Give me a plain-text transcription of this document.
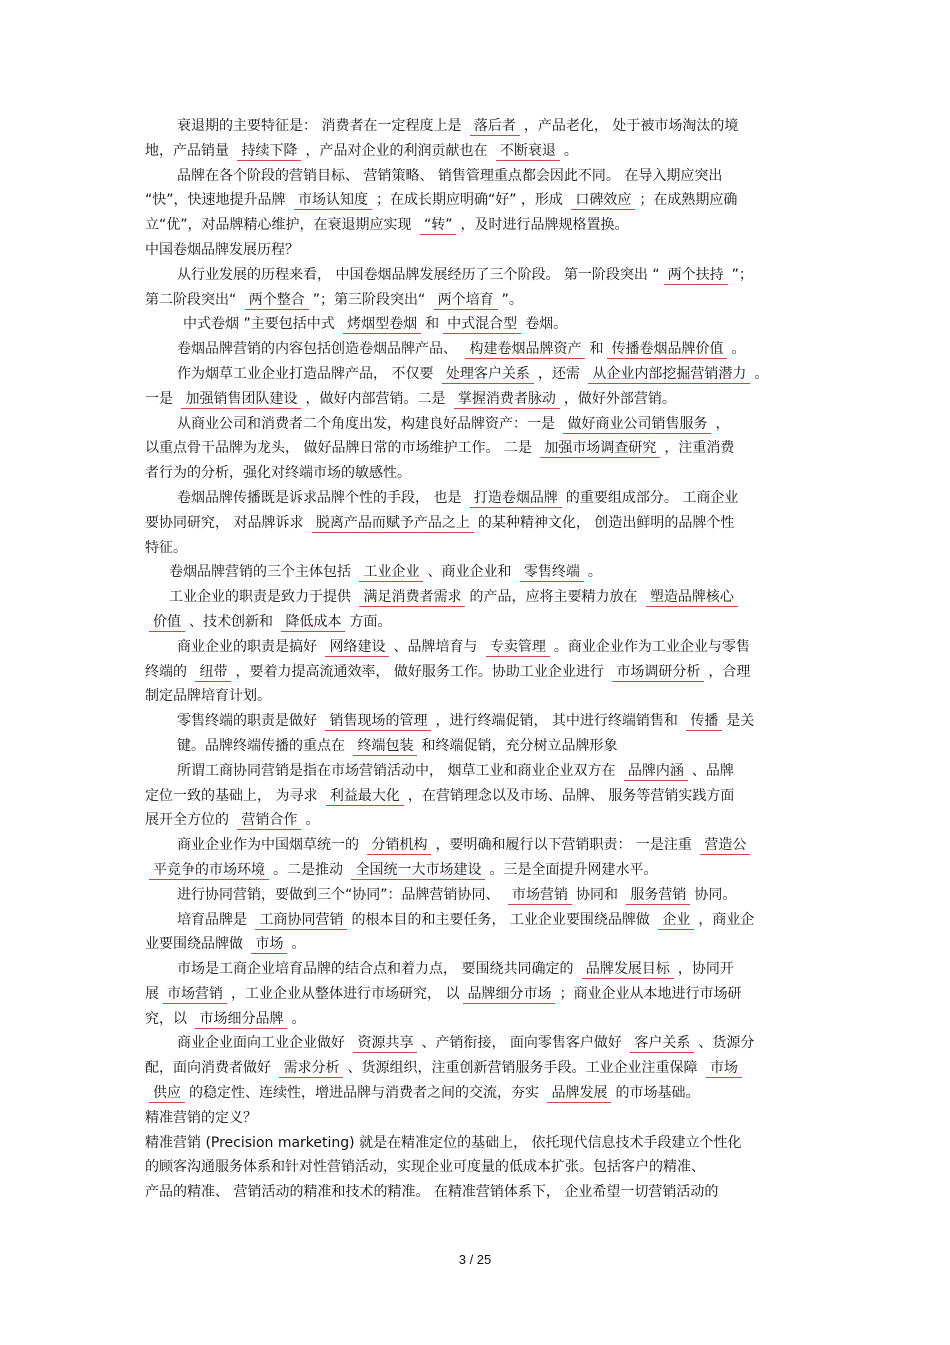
衰退期的主要特征是： 消费者在一定程度上是 落后者 ，产品老化， 处于被市场淘汰的境
地，产品销量 持续下降 ，产品对企业的利润贡献也在 不断衰退 。
品牌在各个阶段的营销目标、 营销策略、 销售管理重点都会因此不同。 在导入期应突出
“快”，快速地提升品牌 市场认知度 ；在成长期应明确“好” ，形成 口碑效应 ；在成熟期应确
立“优”，对品牌精心维护，在衰退期应实现 “转” ，及时进行品牌规格置换。
中国卷烟品牌发展历程？
从行业发展的历程来看， 中国卷烟品牌发展经历了三个阶段。 第一阶段突出 “ 两个扶持 ”；
第二阶段突出“ 两个整合 ”；第三阶段突出“ 两个培育 ”。
中式卷烟 ”主要包括中式 烤烟型卷烟 和 中式混合型 卷烟。
卷烟品牌营销的内容包括创造卷烟品牌产品、 构建卷烟品牌资产 和 传播卷烟品牌价值 。
作为烟草工业企业打造品牌产品， 不仅要 处理客户关系 ，还需 从企业内部挖掘营销潜力 。
一是 加强销售团队建设 ，做好内部营销。二是 掌握消费者脉动 ，做好外部营销。
从商业公司和消费者二个角度出发，构建良好品牌资产：一是 做好商业公司销售服务 ，
以重点骨干品牌为龙头， 做好品牌日常的市场维护工作。 二是 加强市场调查研究 ，注重消费
者行为的分析，强化对终端市场的敏感性。
卷烟品牌传播既是诉求品牌个性的手段， 也是 打造卷烟品牌 的重要组成部分。 工商企业
要协同研究， 对品牌诉求 脱离产品而赋予产品之上 的某种精神文化， 创造出鲜明的品牌个性
特征。
卷烟品牌营销的三个主体包括 工业企业 、商业企业和 零售终端 。
工业企业的职责是致力于提供 满足消费者需求 的产品，应将主要精力放在 塑造品牌核心
价值 、技术创新和 降低成本 方面。
商业企业的职责是搞好 网络建设 、品牌培育与 专卖管理 。商业企业作为工业企业与零售
终端的 纽带 ，要着力提高流通效率， 做好服务工作。协助工业企业进行 市场调研分析 ，合理
制定品牌培育计划。
零售终端的职责是做好 销售现场的管理 ，进行终端促销， 其中进行终端销售和 传播 是关
键。品牌终端传播的重点在 终端包装 和终端促销，充分树立品牌形象
所谓工商协同营销是指在市场营销活动中， 烟草工业和商业企业双方在 品牌内涵 、品牌
定位一致的基础上， 为寻求 利益最大化 ，在营销理念以及市场、品牌、 服务等营销实践方面
展开全方位的 营销合作 。
商业企业作为中国烟草统一的 分销机构 ，要明确和履行以下营销职责： 一是注重 营造公
平竞争的市场环境 。二是推动 全国统一大市场建设 。三是全面提升网建水平。
进行协同营销，要做到三个“协同”：品牌营销协同、 市场营销 协同和 服务营销 协同。
培育品牌是 工商协同营销 的根本目的和主要任务， 工业企业要围绕品牌做 企业 ，商业企
业要围绕品牌做 市场 。
市场是工商企业培育品牌的结合点和着力点， 要围绕共同确定的 品牌发展目标 ，协同开
展 市场营销 ，工业企业从整体进行市场研究， 以 品牌细分市场 ；商业企业从本地进行市场研
究，以 市场细分品牌 。
商业企业面向工业企业做好 资源共享 、产销衔接， 面向零售客户做好 客户关系 、货源分
配，面向消费者做好 需求分析 、货源组织，注重创新营销服务手段。工业企业注重保障 市场
供应 的稳定性、连续性，增进品牌与消费者之间的交流，夯实 品牌发展 的市场基础。
精准营销的定义？
精准营销 (Precision marketing) 就是在精准定位的基础上， 依托现代信息技术手段建立个性化
的顾客沟通服务体系和针对性营销活动，实现企业可度量的低成本扩张。包括客户的精准、
产品的精准、 营销活动的精准和技术的精准。 在精准营销体系下， 企业希望一切营销活动的
3 / 25
